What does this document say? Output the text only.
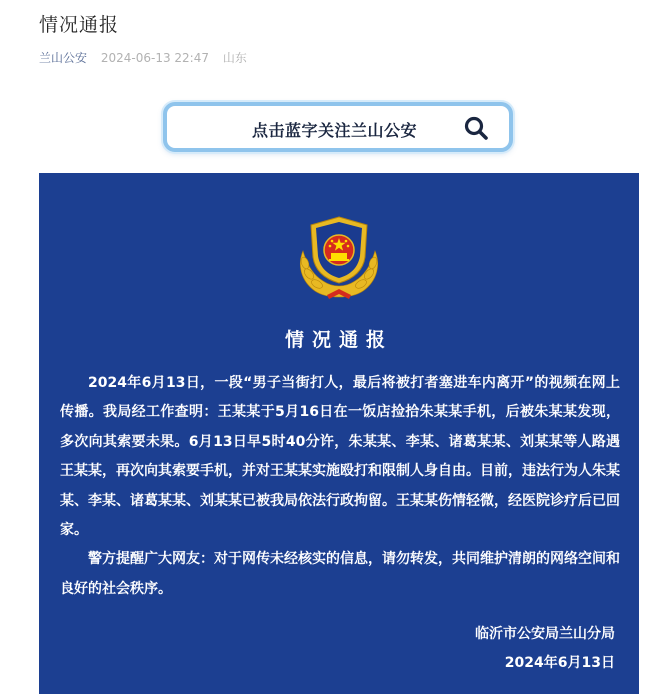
情况通报
兰山公安 2024-06-13 22:47 山东
点击蓝字关注兰山公安
情况通报

2024年6月13日，一段“男子当街打人，最后将被打者塞进车内离开”的视频在网上传播。我局经工作查明：王某某于5月16日在一饭店捡拾朱某某手机，后被朱某某发现，多次向其索要未果。6月13日早5时40分许，朱某某、李某、诸葛某某、刘某某等人路遇王某某，再次向其索要手机，并对王某某实施殴打和限制人身自由。目前，违法行为人朱某某、李某、诸葛某某、刘某某已被我局依法行政拘留。王某某伤情轻微，经医院诊疗后已回家。

警方提醒广大网友：对于网传未经核实的信息，请勿转发，共同维护清朗的网络空间和良好的社会秩序。

临沂市公安局兰山分局
2024年6月13日
